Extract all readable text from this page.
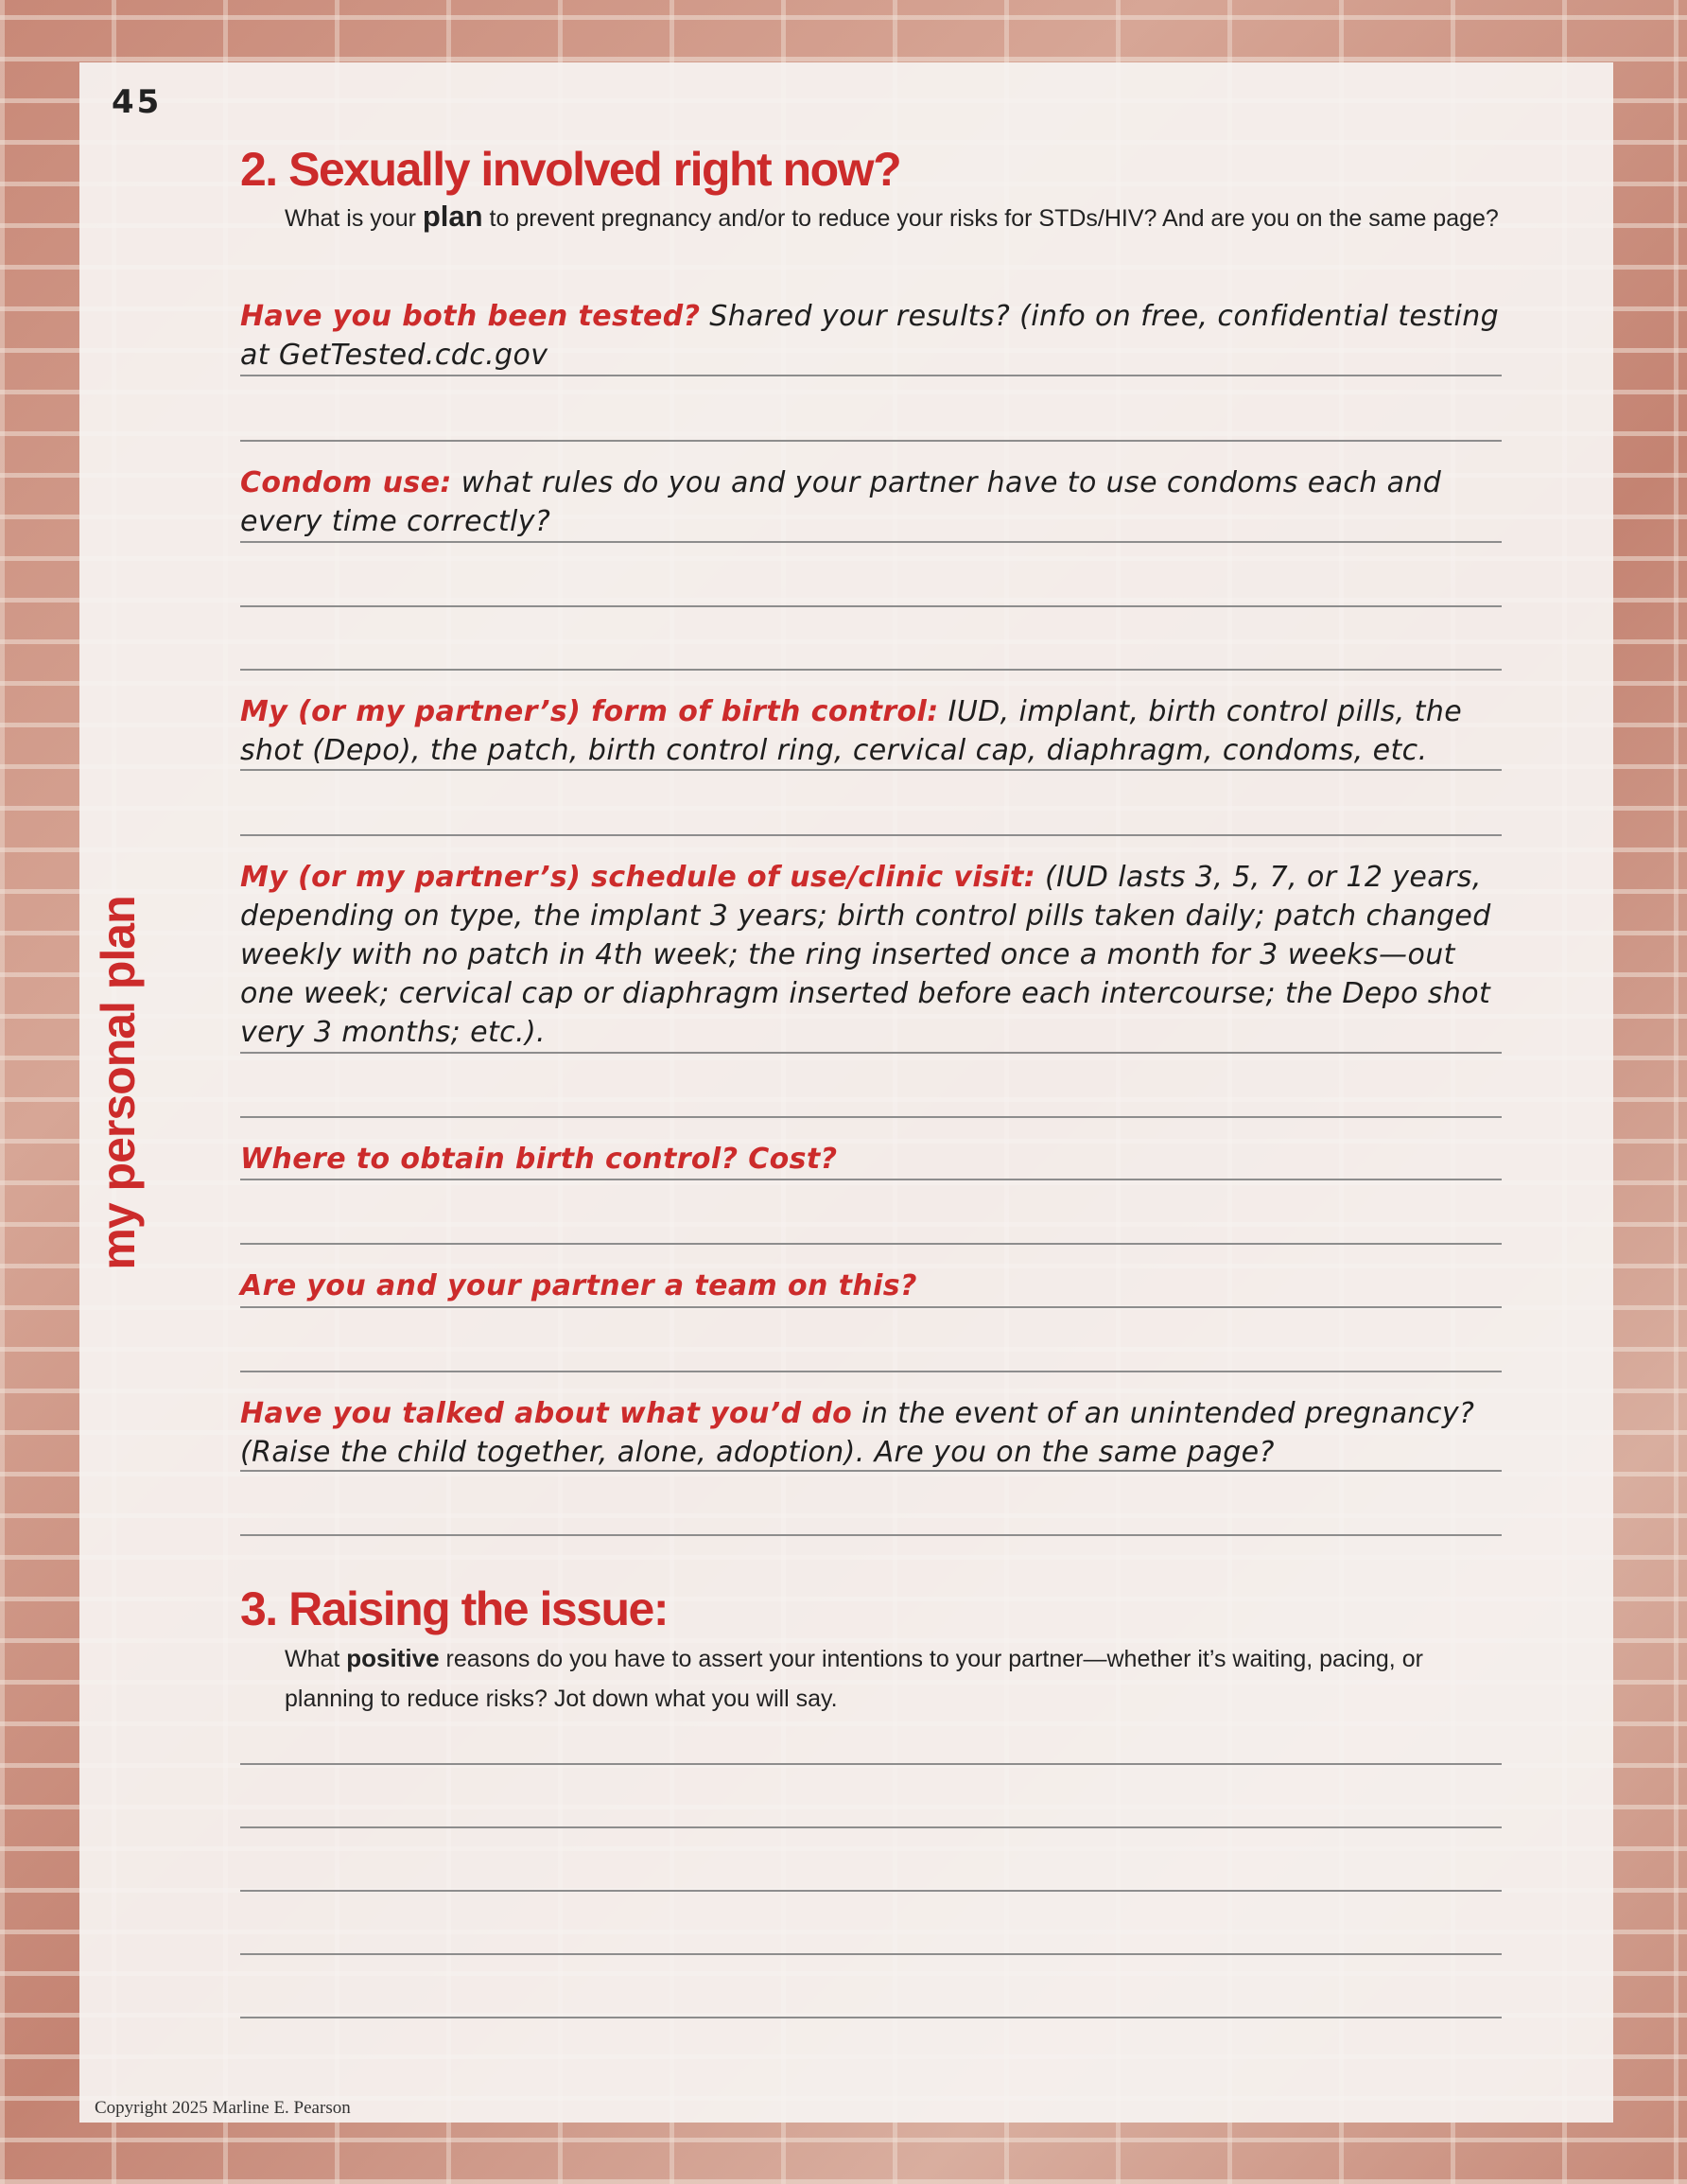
45
my personal plan
2. Sexually involved right now?
What is your plan to prevent pregnancy and/or to reduce your risks for STDs/HIV? And are you on the same page?
Have you both been tested? Shared your results? (info on free, confidential testing at GetTested.cdc.gov
Condom use: what rules do you and your partner have to use condoms each and every time correctly?
My (or my partner’s) form of birth control: IUD, implant, birth control pills, the shot (Depo), the patch, birth control ring, cervical cap, diaphragm, condoms, etc.
My (or my partner’s) schedule of use/clinic visit: (IUD lasts 3, 5, 7, or 12 years, depending on type, the implant 3 years; birth control pills taken daily; patch changed weekly with no patch in 4th week; the ring inserted once a month for 3 weeks—out one week; cervical cap or diaphragm inserted before each intercourse; the Depo shot very 3 months; etc.).
Where to obtain birth control? Cost?
Are you and your partner a team on this?
Have you talked about what you’d do in the event of an unintended pregnancy? (Raise the child together, alone, adoption). Are you on the same page?
3. Raising the issue:
What positive reasons do you have to assert your intentions to your partner—whether it’s waiting, pacing, or planning to reduce risks? Jot down what you will say.
Copyright 2025 Marline E. Pearson
